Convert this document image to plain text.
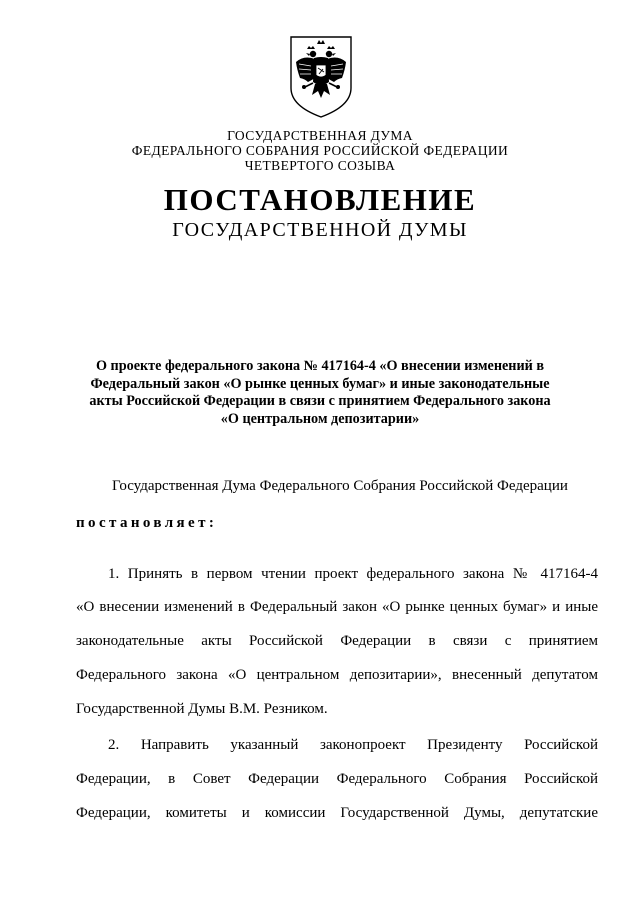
ГОСУДАРСТВЕННАЯ ДУМА
ФЕДЕРАЛЬНОГО СОБРАНИЯ РОССИЙСКОЙ ФЕДЕРАЦИИ
ЧЕТВЕРТОГО СОЗЫВА
ПОСТАНОВЛЕНИЕ
ГОСУДАРСТВЕННОЙ ДУМЫ
О проекте федерального закона № 417164-4 «О внесении изменений в
Федеральный закон «О рынке ценных бумаг» и иные законодательные
акты Российской Федерации в связи с принятием Федерального закона
«О центральном депозитарии»
Государственная Дума Федерального Собрания Российской Федерации
постановляет:
1. Принять в первом чтении проект федерального закона № 417164-4
«О внесении изменений в Федеральный закон «О рынке ценных бумаг» и иные
законодательные акты Российской Федерации в связи с принятием
Федерального закона «О центральном депозитарии», внесенный депутатом
Государственной Думы В.М. Резником.
2. Направить указанный законопроект Президенту Российской
Федерации, в Совет Федерации Федерального Собрания Российской
Федерации, комитеты и комиссии Государственной Думы, депутатские
